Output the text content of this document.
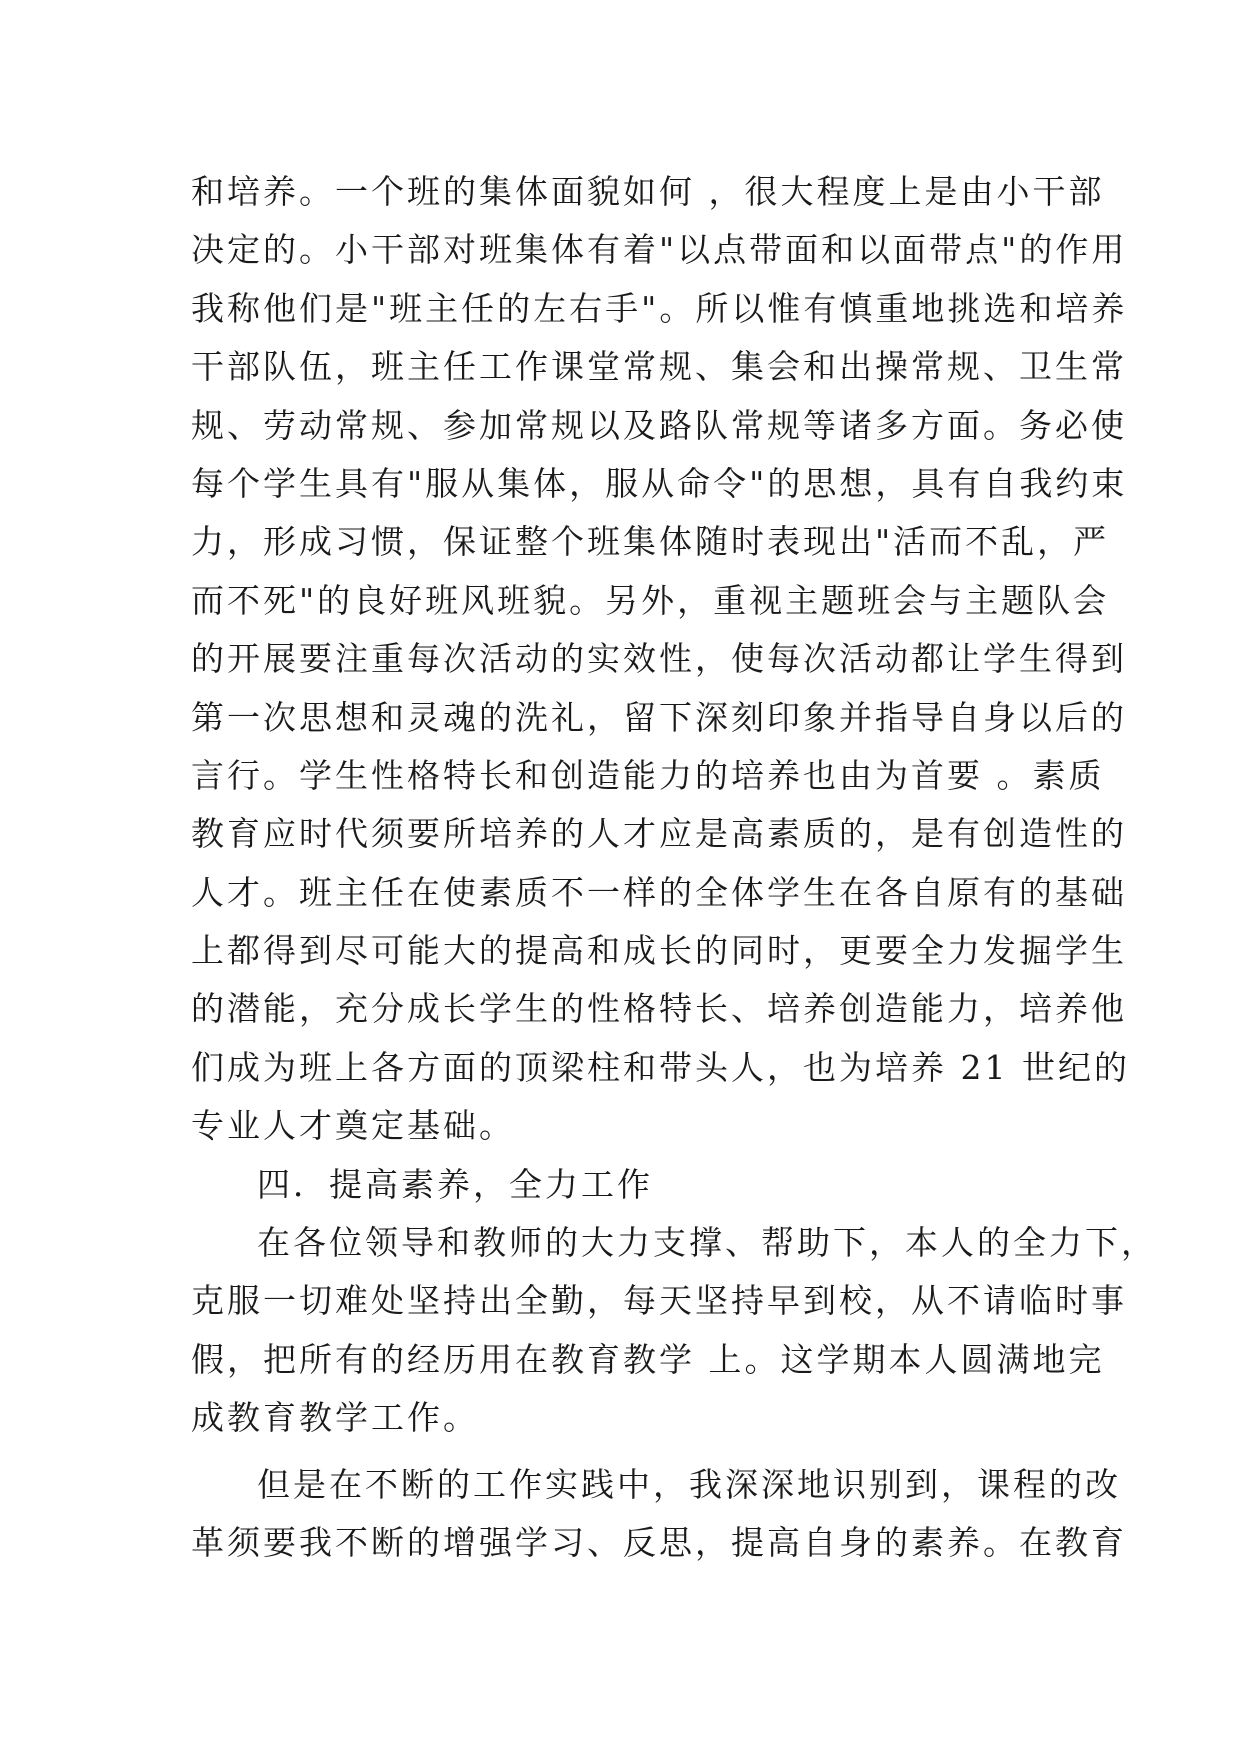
和培养。一个班的集体面貌如何 ，很大程度上是由小干部
决定的。小干部对班集体有着"以点带面和以面带点"的作用
我称他们是"班主任的左右手"。所以惟有慎重地挑选和培养
干部队伍，班主任工作课堂常规、集会和出操常规、卫生常
规、劳动常规、参加常规以及路队常规等诸多方面。务必使
每个学生具有"服从集体，服从命令"的思想，具有自我约束
力，形成习惯，保证整个班集体随时表现出"活而不乱，严
而不死"的良好班风班貌。另外，重视主题班会与主题队会
的开展要注重每次活动的实效性，使每次活动都让学生得到
第一次思想和灵魂的洗礼，留下深刻印象并指导自身以后的
言行。学生性格特长和创造能力的培养也由为首要 。素质
教育应时代须要所培养的人才应是高素质的，是有创造性的
人才。班主任在使素质不一样的全体学生在各自原有的基础
上都得到尽可能大的提高和成长的同时，更要全力发掘学生
的潜能，充分成长学生的性格特长、培养创造能力，培养他
们成为班上各方面的顶梁柱和带头人，也为培养 21 世纪的
专业人才奠定基础。
四．提高素养，全力工作
在各位领导和教师的大力支撑、帮助下，本人的全力下，
克服一切难处坚持出全勤，每天坚持早到校，从不请临时事
假，把所有的经历用在教育教学 上。这学期本人圆满地完
成教育教学工作。
但是在不断的工作实践中，我深深地识别到，课程的改
革须要我不断的增强学习、反思，提高自身的素养。在教育
